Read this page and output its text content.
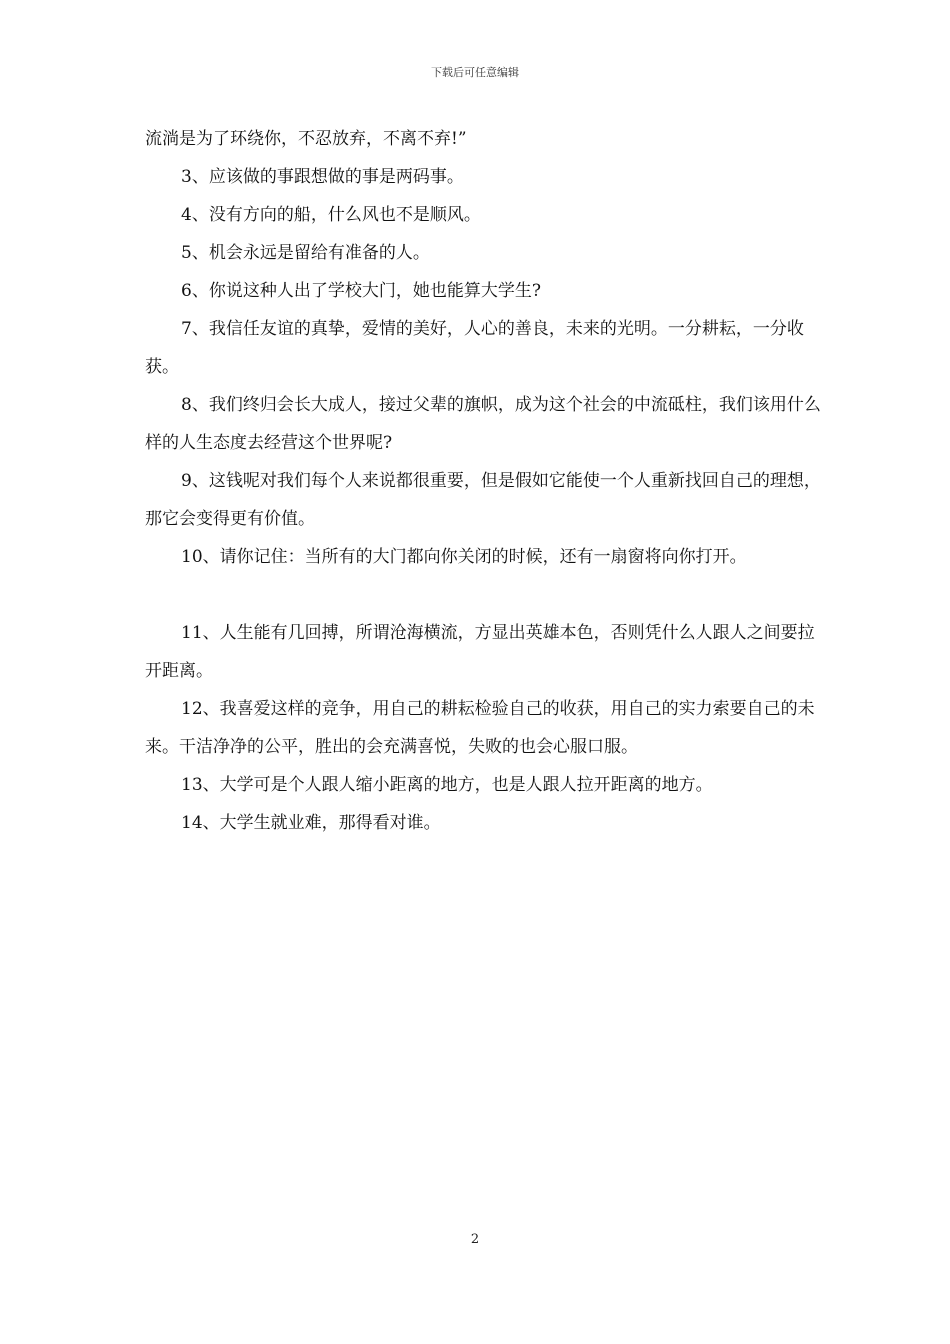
下载后可任意编辑

流淌是为了环绕你，不忍放弃，不离不弃!”

3、应该做的事跟想做的事是两码事。

4、没有方向的船，什么风也不是顺风。

5、机会永远是留给有准备的人。

6、你说这种人出了学校大门，她也能算大学生?

7、我信任友谊的真挚，爱情的美好，人心的善良，未来的光明。一分耕耘，一分收获。

8、我们终归会长大成人，接过父辈的旗帜，成为这个社会的中流砥柱，我们该用什么样的人生态度去经营这个世界呢?

9、这钱呢对我们每个人来说都很重要，但是假如它能使一个人重新找回自己的理想，那它会变得更有价值。

10、请你记住：当所有的大门都向你关闭的时候，还有一扇窗将向你打开。

11、人生能有几回搏，所谓沧海横流，方显出英雄本色，否则凭什么人跟人之间要拉开距离。

12、我喜爱这样的竞争，用自己的耕耘检验自己的收获，用自己的实力索要自己的未来。干洁净净的公平，胜出的会充满喜悦，失败的也会心服口服。

13、大学可是个人跟人缩小距离的地方，也是人跟人拉开距离的地方。

14、大学生就业难，那得看对谁。

2
